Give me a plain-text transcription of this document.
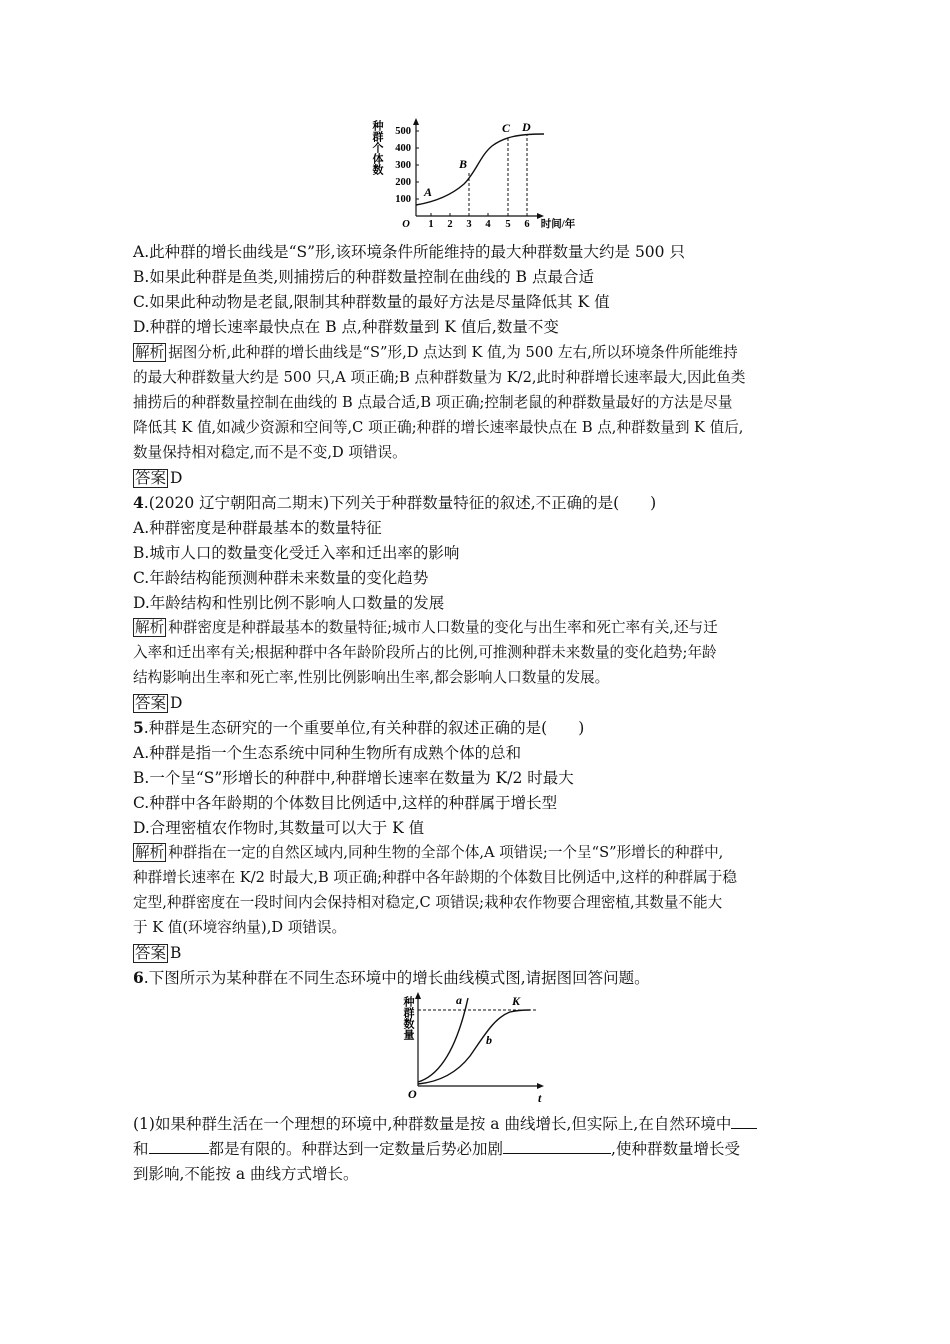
种群个体数
100
200
300
400
500
O 1 2 3 4 5 6 时间/年
A
B
C D
A.此种群的增长曲线是“S”形,该环境条件所能维持的最大种群数量大约是 500 只
B.如果此种群是鱼类,则捕捞后的种群数量控制在曲线的 B 点最合适
C.如果此种动物是老鼠,限制其种群数量的最好方法是尽量降低其 K 值
D.种群的增长速率最快点在 B 点,种群数量到 K 值后,数量不变
解析 据图分析,此种群的增长曲线是“S”形,D 点达到 K 值,为 500 左右,所以环境条件所能维持
的最大种群数量大约是 500 只,A 项正确;B 点种群数量为 K/2,此时种群增长速率最大,因此鱼类
捕捞后的种群数量控制在曲线的 B 点最合适,B 项正确;控制老鼠的种群数量最好的方法是尽量
降低其 K 值,如减少资源和空间等,C 项正确;种群的增长速率最快点在 B 点,种群数量到 K 值后,
数量保持相对稳定,而不是不变,D 项错误。
答案 D
4.(2020 辽宁朝阳高二期末)下列关于种群数量特征的叙述,不正确的是(　　)
A.种群密度是种群最基本的数量特征
B.城市人口的数量变化受迁入率和迁出率的影响
C.年龄结构能预测种群未来数量的变化趋势
D.年龄结构和性别比例不影响人口数量的发展
解析 种群密度是种群最基本的数量特征;城市人口数量的变化与出生率和死亡率有关,还与迁
入率和迁出率有关;根据种群中各年龄阶段所占的比例,可推测种群未来数量的变化趋势;年龄
结构影响出生率和死亡率,性别比例影响出生率,都会影响人口数量的发展。
答案 D
5.种群是生态研究的一个重要单位,有关种群的叙述正确的是(　　)
A.种群是指一个生态系统中同种生物所有成熟个体的总和
B.一个呈“S”形增长的种群中,种群增长速率在数量为 K/2 时最大
C.种群中各年龄期的个体数目比例适中,这样的种群属于增长型
D.合理密植农作物时,其数量可以大于 K 值
解析 种群指在一定的自然区域内,同种生物的全部个体,A 项错误;一个呈“S”形增长的种群中,
种群增长速率在 K/2 时最大,B 项正确;种群中各年龄期的个体数目比例适中,这样的种群属于稳
定型,种群密度在一段时间内会保持相对稳定,C 项错误;栽种农作物要合理密植,其数量不能大
于 K 值(环境容纳量),D 项错误。
答案 B
6.下图所示为某种群在不同生态环境中的增长曲线模式图,请据图回答问题。
(1)如果种群生活在一个理想的环境中,种群数量是按 a 曲线增长,但实际上,在自然环境中
和	都是有限的。种群达到一定数量后势必加剧	,使种群数量增长受
到影响,不能按 a 曲线方式增长。
种群数量	a
b
K
O	t
